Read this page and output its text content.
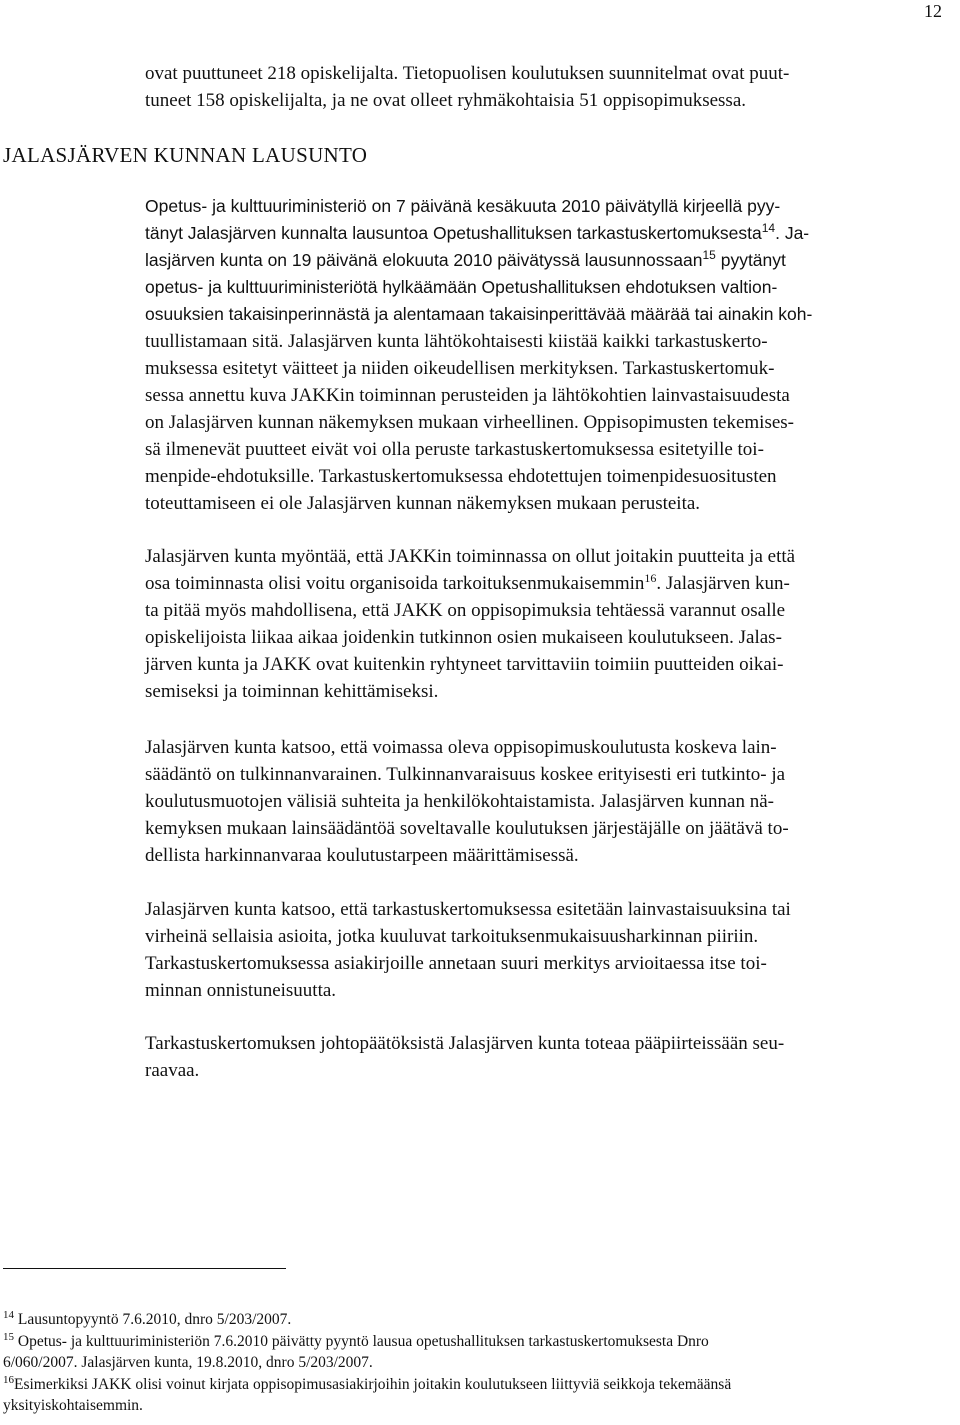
12

ovat puuttuneet 218 opiskelijalta. Tietopuolisen koulutuksen suunnitelmat ovat puut-

tuneet 158 opiskelijalta, ja ne ovat olleet ryhmäkohtaisia 51 oppisopimuksessa.

JALASJÄRVEN KUNNAN LAUSUNTO

Opetus- ja kulttuuriministeriö on 7 päivänä kesäkuuta 2010 päivätyllä kirjeellä pyy-

tänyt Jalasjärven kunnalta lausuntoa Opetushallituksen tarkastuskertomuksesta$^{14}$. Ja-

lasjärven kunta on 19 päivänä elokuuta 2010 päivätyssä lausunnossaan$^{15}$ pyytänyt

opetus- ja kulttuuriministeriötä hylkäämään Opetushallituksen ehdotuksen valtion-

osuuksien takaisinperinnästä ja alentamaan takaisinperittävää määrää tai ainakin koh-

tuullistamaan sitä. Jalasjärven kunta lähtökohtaisesti kiistää kaikki tarkastuskerto-

muksessa esitetyt väitteet ja niiden oikeudellisen merkityksen. Tarkastuskertomuk-

sessa annettu kuva JAKKin toiminnan perusteiden ja lähtökohtien lainvastaisuudesta

on Jalasjärven kunnan näkemyksen mukaan virheellinen. Oppisopimusten tekemises-

sä ilmenevät puutteet eivät voi olla peruste tarkastuskertomuksessa esitetyille toi-

menpide-ehdotuksille. Tarkastuskertomuksessa ehdotettujen toimenpidesuositusten

toteuttamiseen ei ole Jalasjärven kunnan näkemyksen mukaan perusteita.

Jalasjärven kunta myöntää, että JAKKin toiminnassa on ollut joitakin puutteita ja että

osa toiminnasta olisi voitu organisoida tarkoituksenmukaisemmin$^{16}$. Jalasjärven kun-

ta pitää myös mahdollisena, että JAKK on oppisopimuksia tehtäessä varannut osalle

opiskelijoista liikaa aikaa joidenkin tutkinnon osien mukaiseen koulutukseen. Jalas-

järven kunta ja JAKK ovat kuitenkin ryhtyneet tarvittaviin toimiin puutteiden oikai-

semiseksi ja toiminnan kehittämiseksi.

Jalasjärven kunta katsoo, että voimassa oleva oppisopimuskoulutusta koskeva lain-

säädäntö on tulkinnanvarainen. Tulkinnanvaraisuus koskee erityisesti eri tutkinto- ja

koulutusmuotojen välisiä suhteita ja henkilökohtaistamista. Jalasjärven kunnan nä-

kemyksen mukaan lainsäädäntöä soveltavalle koulutuksen järjestäjälle on jäätävä to-

dellista harkinnanvaraa koulutustarpeen määrittämisessä.

Jalasjärven kunta katsoo, että tarkastuskertomuksessa esitetään lainvastaisuuksina tai

virheinä sellaisia asioita, jotka kuuluvat tarkoituksenmukaisuusharkinnan piiriin.

Tarkastuskertomuksessa asiakirjoille annetaan suuri merkitys arvioitaessa itse toi-

minnan onnistuneisuutta.

Tarkastuskertomuksen johtopäätöksistä Jalasjärven kunta toteaa pääpiirteissään seu-

raavaa.

$^{14}$ Lausuntopyyntö 7.6.2010, dnro 5/203/2007.

$^{15}$ Opetus- ja kulttuuriministeriön 7.6.2010 päivätty pyyntö lausua opetushallituksen tarkastuskertomuksesta Dnro

6/060/2007. Jalasjärven kunta, 19.8.2010, dnro 5/203/2007.

$^{16}$Esimerkiksi JAKK olisi voinut kirjata oppisopimusasiakirjoihin joitakin koulutukseen liittyviä seikkoja tekemäänsä

yksityiskohtaisemmin.
